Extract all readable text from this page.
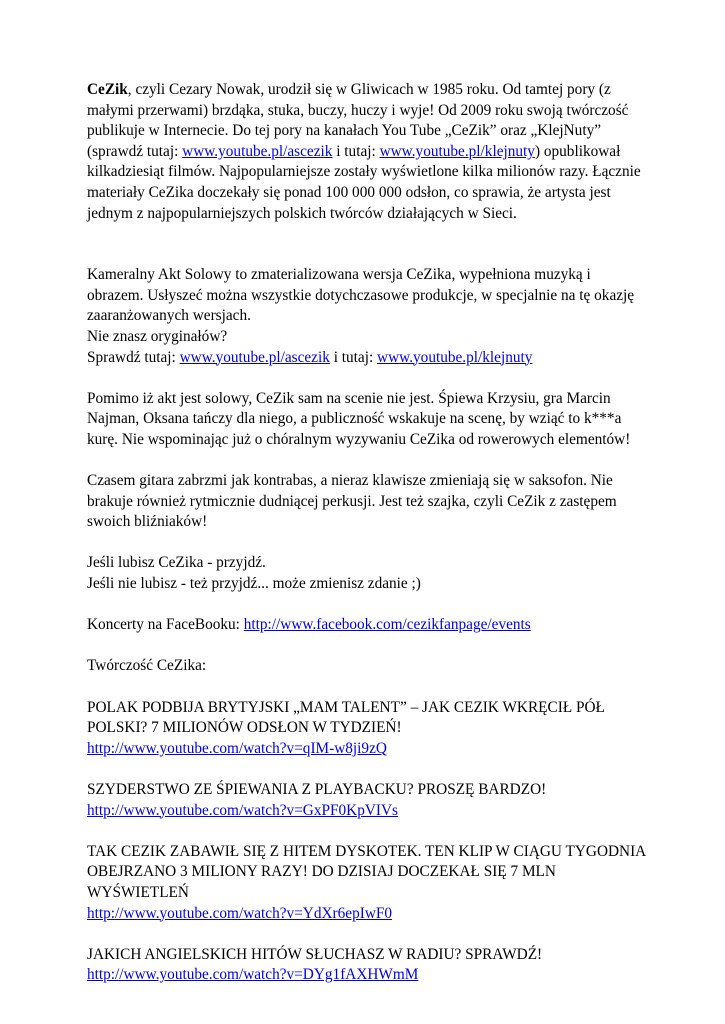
CeZik, czyli Cezary Nowak, urodził się w Gliwicach w 1985 roku. Od tamtej pory (z małymi przerwami) brzdąka, stuka, buczy, huczy i wyje! Od 2009 roku swoją twórczość publikuje w Internecie. Do tej pory na kanałach You Tube „CeZik” oraz „KlejNuty” (sprawdź tutaj: www.youtube.pl/ascezik i tutaj: www.youtube.pl/klejnuty) opublikował kilkadziesiąt filmów. Najpopularniejsze zostały wyświetlone kilka milionów razy. Łącznie materiały CeZika doczekały się ponad 100 000 000 odsłon, co sprawia, że artysta jest jednym z najpopularniejszych polskich twórców działających w Sieci.

Kameralny Akt Solowy to zmaterializowana wersja CeZika, wypełniona muzyką i obrazem. Usłyszeć można wszystkie dotychczasowe produkcje, w specjalnie na tę okazję zaaranżowanych wersjach.

Nie znasz oryginałów?

Sprawdź tutaj: www.youtube.pl/ascezik i tutaj: www.youtube.pl/klejnuty

Pomimo iż akt jest solowy, CeZik sam na scenie nie jest. Śpiewa Krzysiu, gra Marcin Najman, Oksana tańczy dla niego, a publiczność wskakuje na scenę, by wziąć to k***a kurę. Nie wspominając już o chóralnym wyzywaniu CeZika od rowerowych elementów!

Czasem gitara zabrzmi jak kontrabas, a nieraz klawisze zmieniają się w saksofon. Nie brakuje również rytmicznie dudniącej perkusji. Jest też szajka, czyli CeZik z zastępem swoich bliźniaków!

Jeśli lubisz CeZika - przyjdź.

Jeśli nie lubisz - też przyjdź... może zmienisz zdanie ;)

Koncerty na FaceBooku: http://www.facebook.com/cezikfanpage/events

Twórczość CeZika:

POLAK PODBIJA BRYTYJSKI „MAM TALENT” – JAK CEZIK WKRĘCIŁ PÓŁ POLSKI? 7 MILIONÓW ODSŁON W TYDZIEŃ!

http://www.youtube.com/watch?v=qIM-w8ji9zQ

SZYDERSTWO ZE ŚPIEWANIA Z PLAYBACKU? PROSZĘ BARDZO!

http://www.youtube.com/watch?v=GxPF0KpVIVs

TAK CEZIK ZABAWIŁ SIĘ Z HITEM DYSKOTEK. TEN KLIP W CIĄGU TYGODNIA OBEJRZANO 3 MILIONY RAZY! DO DZISIAJ DOCZEKAŁ SIĘ 7 MLN WYŚWIETLEŃ

http://www.youtube.com/watch?v=YdXr6epIwF0

JAKICH ANGIELSKICH HITÓW SŁUCHASZ W RADIU? SPRAWDŹ!

http://www.youtube.com/watch?v=DYg1fAXHWmM
